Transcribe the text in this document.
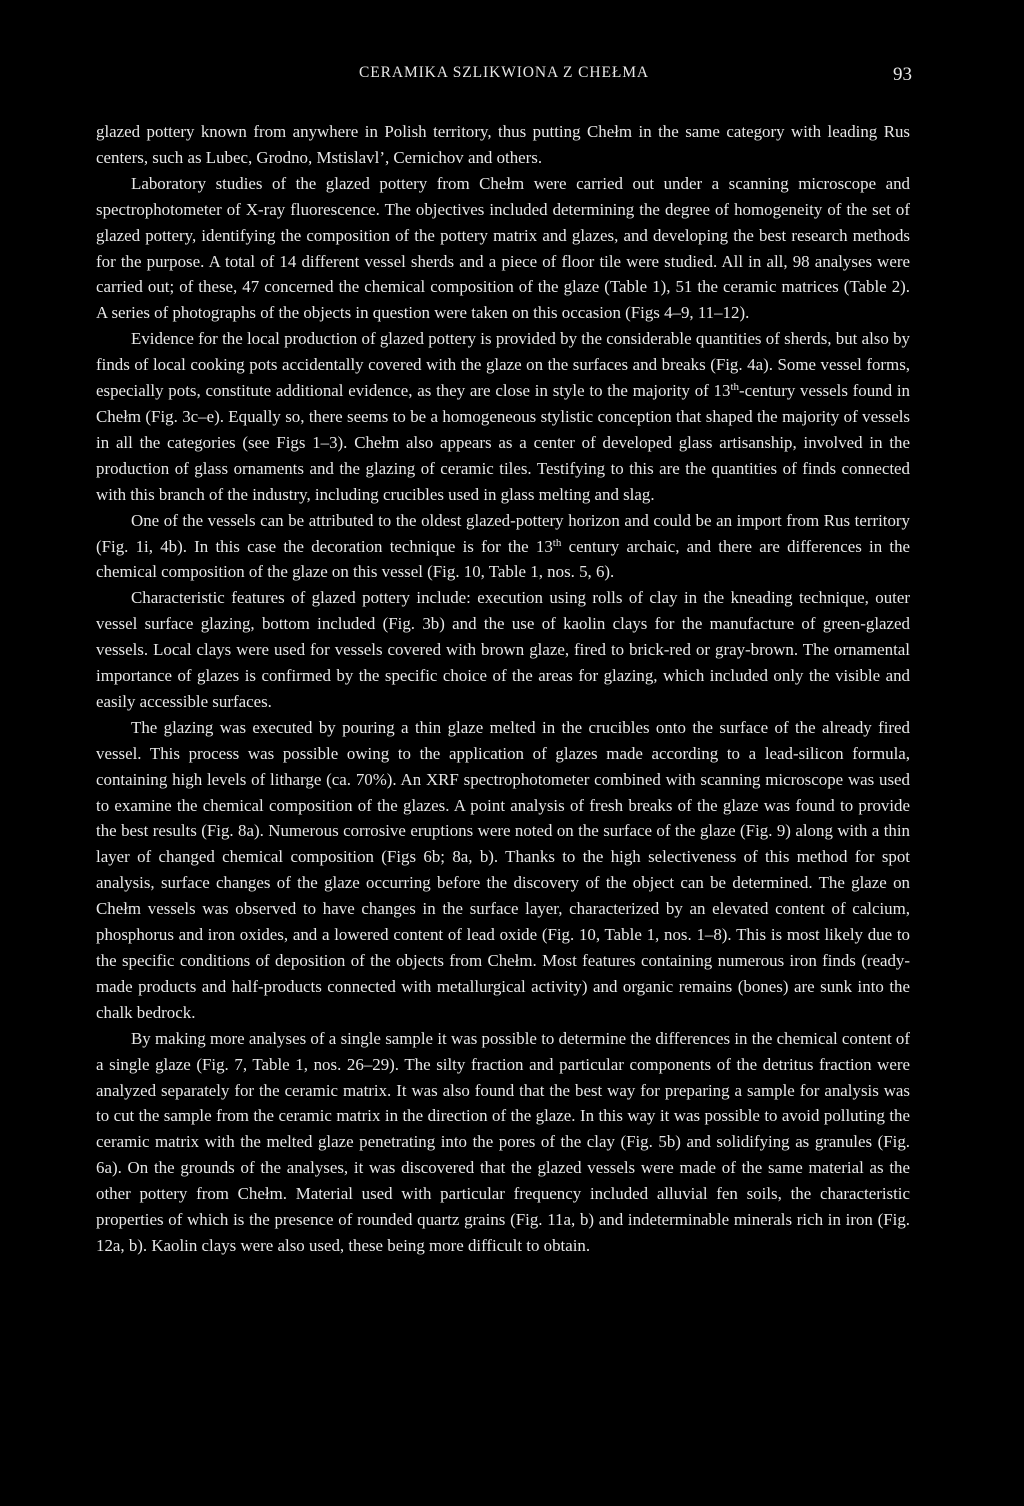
CERAMIKA SZLIKWIONA Z CHEŁMA	93

glazed pottery known from anywhere in Polish territory, thus putting Chełm in the same category with leading Rus centers, such as Lubec, Grodno, Mstislavl’, Cernichov and others.

Laboratory studies of the glazed pottery from Chełm were carried out under a scanning microscope and spectrophotometer of X-ray fluorescence. The objectives included determining the degree of homogeneity of the set of glazed pottery, identifying the composition of the pottery matrix and glazes, and developing the best research methods for the purpose. A total of 14 different vessel sherds and a piece of floor tile were studied. All in all, 98 analyses were carried out; of these, 47 concerned the chemical composition of the glaze (Table 1), 51 the ceramic matrices (Table 2). A series of photographs of the objects in question were taken on this occasion (Figs 4–9, 11–12).

Evidence for the local production of glazed pottery is provided by the considerable quantities of sherds, but also by finds of local cooking pots accidentally covered with the glaze on the surfaces and breaks (Fig. 4a). Some vessel forms, especially pots, constitute additional evidence, as they are close in style to the majority of 13th-century vessels found in Chełm (Fig. 3c–e). Equally so, there seems to be a homogeneous stylistic conception that shaped the majority of vessels in all the categories (see Figs 1–3). Chełm also appears as a center of developed glass artisanship, involved in the production of glass ornaments and the glazing of ceramic tiles. Testifying to this are the quantities of finds connected with this branch of the industry, including crucibles used in glass melting and slag.

One of the vessels can be attributed to the oldest glazed-pottery horizon and could be an import from Rus territory (Fig. 1i, 4b). In this case the decoration technique is for the 13th century archaic, and there are differences in the chemical composition of the glaze on this vessel (Fig. 10, Table 1, nos. 5, 6).

Characteristic features of glazed pottery include: execution using rolls of clay in the kneading technique, outer vessel surface glazing, bottom included (Fig. 3b) and the use of kaolin clays for the manufacture of green-glazed vessels. Local clays were used for vessels covered with brown glaze, fired to brick-red or gray-brown. The ornamental importance of glazes is confirmed by the specific choice of the areas for glazing, which included only the visible and easily accessible surfaces.

The glazing was executed by pouring a thin glaze melted in the crucibles onto the surface of the already fired vessel. This process was possible owing to the application of glazes made according to a lead-silicon formula, containing high levels of litharge (ca. 70%). An XRF spectrophotometer combined with scanning microscope was used to examine the chemical composition of the glazes. A point analysis of fresh breaks of the glaze was found to provide the best results (Fig. 8a). Numerous corrosive eruptions were noted on the surface of the glaze (Fig. 9) along with a thin layer of changed chemical composition (Figs 6b; 8a, b). Thanks to the high selectiveness of this method for spot analysis, surface changes of the glaze occurring before the discovery of the object can be determined. The glaze on Chełm vessels was observed to have changes in the surface layer, characterized by an elevated content of calcium, phosphorus and iron oxides, and a lowered content of lead oxide (Fig. 10, Table 1, nos. 1–8). This is most likely due to the specific conditions of deposition of the objects from Chełm. Most features containing numerous iron finds (ready-made products and half-products connected with metallurgical activity) and organic remains (bones) are sunk into the chalk bedrock.

By making more analyses of a single sample it was possible to determine the differences in the chemical content of a single glaze (Fig. 7, Table 1, nos. 26–29). The silty fraction and particular components of the detritus fraction were analyzed separately for the ceramic matrix. It was also found that the best way for preparing a sample for analysis was to cut the sample from the ceramic matrix in the direction of the glaze. In this way it was possible to avoid polluting the ceramic matrix with the melted glaze penetrating into the pores of the clay (Fig. 5b) and solidifying as granules (Fig. 6a). On the grounds of the analyses, it was discovered that the glazed vessels were made of the same material as the other pottery from Chełm. Material used with particular frequency included alluvial fen soils, the characteristic properties of which is the presence of rounded quartz grains (Fig. 11a, b) and indeterminable minerals rich in iron (Fig. 12a, b). Kaolin clays were also used, these being more difficult to obtain.
